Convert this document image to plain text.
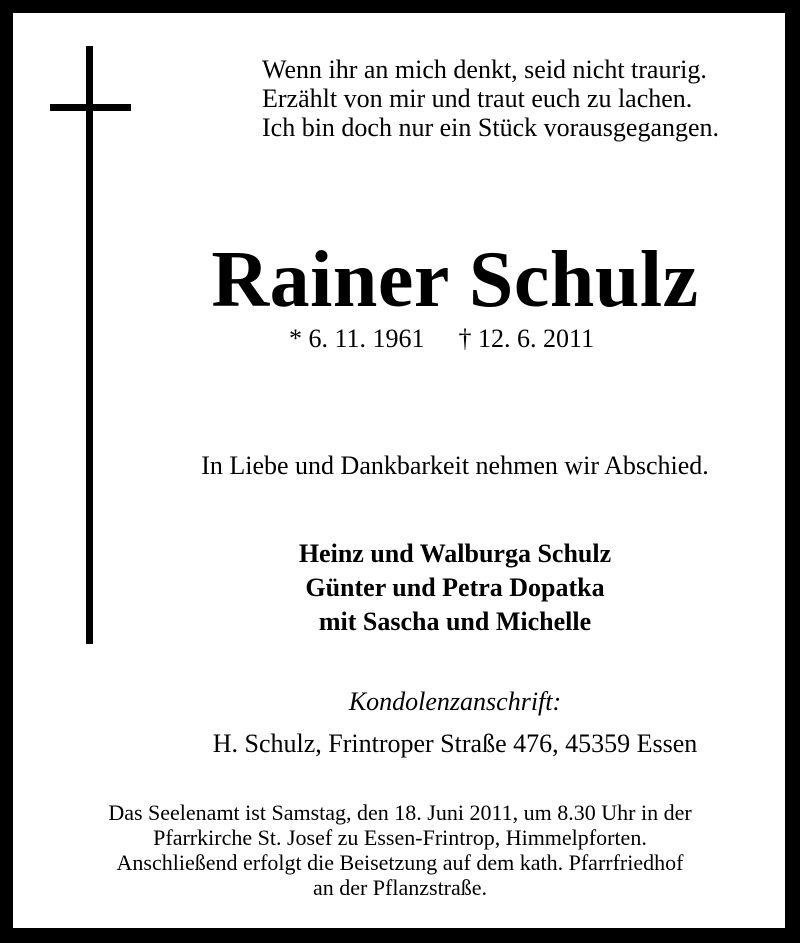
Wenn ihr an mich denkt, seid nicht traurig.
Erzählt von mir und traut euch zu lachen.
Ich bin doch nur ein Stück vorausgegangen.
Rainer Schulz
* 6. 11. 1961 † 12. 6. 2011
In Liebe und Dankbarkeit nehmen wir Abschied.
Heinz und Walburga Schulz
Günter und Petra Dopatka
mit Sascha und Michelle
Kondolenzanschrift:
H. Schulz, Frintroper Straße 476, 45359 Essen
Das Seelenamt ist Samstag, den 18. Juni 2011, um 8.30 Uhr in der
Pfarrkirche St. Josef zu Essen-Frintrop, Himmelpforten.
Anschließend erfolgt die Beisetzung auf dem kath. Pfarrfriedhof
an der Pflanzstraße.
